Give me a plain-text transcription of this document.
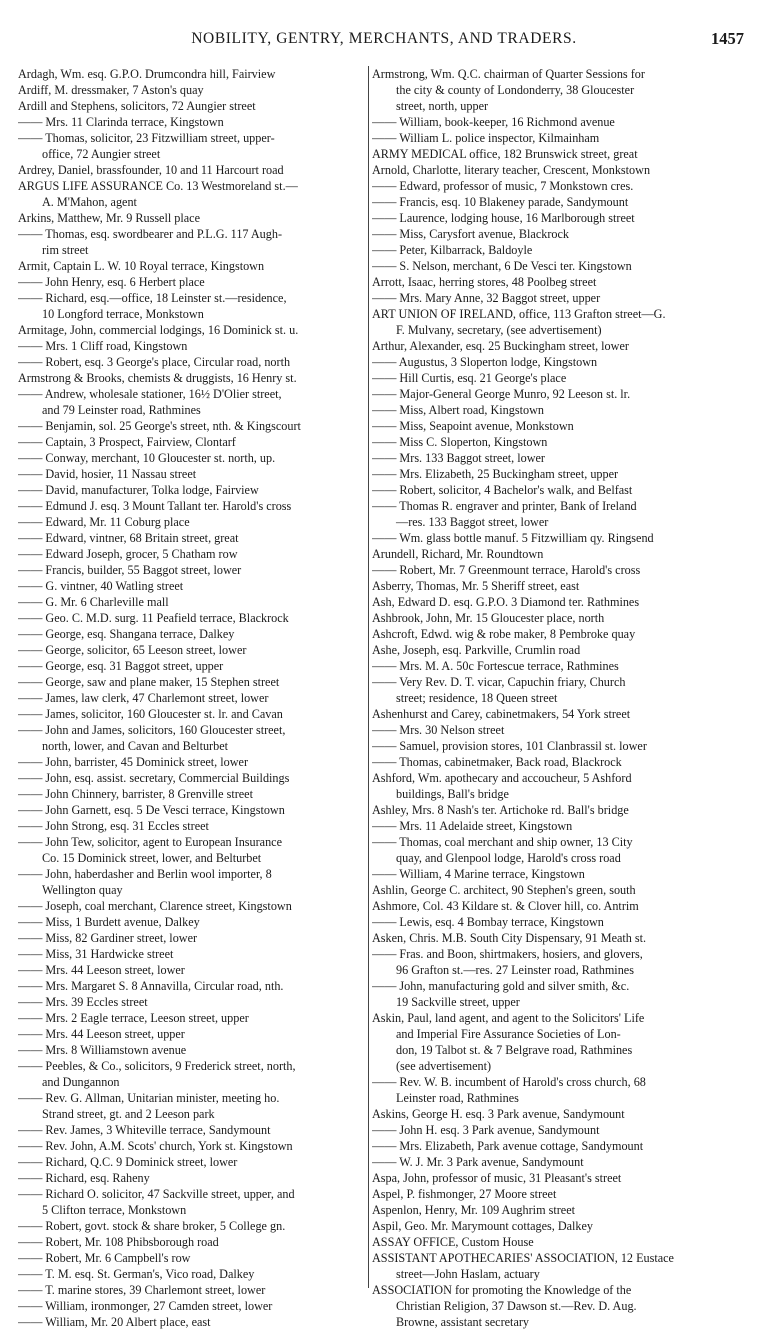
NOBILITY, GENTRY, MERCHANTS, AND TRADERS.	1457
Ardagh, Wm. esq. G.P.O. Drumcondra hill, Fairview
Ardiff, M. dressmaker, 7 Aston's quay
Ardill and Stephens, solicitors, 72 Aungier street
—— Mrs. 11 Clarinda terrace, Kingstown
—— Thomas, solicitor, 23 Fitzwilliam street, upper-
office, 72 Aungier street
Ardrey, Daniel, brassfounder, 10 and 11 Harcourt road
ARGUS LIFE ASSURANCE Co. 13 Westmoreland st.—
A. M'Mahon, agent
Arkins, Matthew, Mr. 9 Russell place
—— Thomas, esq. swordbearer and P.L.G. 117 Augh-
rim street
Armit, Captain L. W. 10 Royal terrace, Kingstown
—— John Henry, esq. 6 Herbert place
—— Richard, esq.—office, 18 Leinster st.—residence,
10 Longford terrace, Monkstown
Armitage, John, commercial lodgings, 16 Dominick st. u.
—— Mrs. 1 Cliff road, Kingstown
—— Robert, esq. 3 George's place, Circular road, north
Armstrong & Brooks, chemists & druggists, 16 Henry st.
—— Andrew, wholesale stationer, 16½ D'Olier street,
and 79 Leinster road, Rathmines
—— Benjamin, sol. 25 George's street, nth. & Kingscourt
—— Captain, 3 Prospect, Fairview, Clontarf
—— Conway, merchant, 10 Gloucester st. north, up.
—— David, hosier, 11 Nassau street
—— David, manufacturer, Tolka lodge, Fairview
—— Edmund J. esq. 3 Mount Tallant ter. Harold's cross
—— Edward, Mr. 11 Coburg place
—— Edward, vintner, 68 Britain street, great
—— Edward Joseph, grocer, 5 Chatham row
—— Francis, builder, 55 Baggot street, lower
—— G. vintner, 40 Watling street
—— G. Mr. 6 Charleville mall
—— Geo. C. M.D. surg. 11 Peafield terrace, Blackrock
—— George, esq. Shangana terrace, Dalkey
—— George, solicitor, 65 Leeson street, lower
—— George, esq. 31 Baggot street, upper
—— George, saw and plane maker, 15 Stephen street
—— James, law clerk, 47 Charlemont street, lower
—— James, solicitor, 160 Gloucester st. lr. and Cavan
—— John and James, solicitors, 160 Gloucester street,
north, lower, and Cavan and Belturbet
—— John, barrister, 45 Dominick street, lower
—— John, esq. assist. secretary, Commercial Buildings
—— John Chinnery, barrister, 8 Grenville street
—— John Garnett, esq. 5 De Vesci terrace, Kingstown
—— John Strong, esq. 31 Eccles street
—— John Tew, solicitor, agent to European Insurance
Co. 15 Dominick street, lower, and Belturbet
—— John, haberdasher and Berlin wool importer, 8
Wellington quay
—— Joseph, coal merchant, Clarence street, Kingstown
—— Miss, 1 Burdett avenue, Dalkey
—— Miss, 82 Gardiner street, lower
—— Miss, 31 Hardwicke street
—— Mrs. 44 Leeson street, lower
—— Mrs. Margaret S. 8 Annavilla, Circular road, nth.
—— Mrs. 39 Eccles street
—— Mrs. 2 Eagle terrace, Leeson street, upper
—— Mrs. 44 Leeson street, upper
—— Mrs. 8 Williamstown avenue
—— Peebles, & Co., solicitors, 9 Frederick street, north,
and Dungannon
—— Rev. G. Allman, Unitarian minister, meeting ho.
Strand street, gt. and 2 Leeson park
—— Rev. James, 3 Whiteville terrace, Sandymount
—— Rev. John, A.M. Scots' church, York st. Kingstown
—— Richard, Q.C. 9 Dominick street, lower
—— Richard, esq. Raheny
—— Richard O. solicitor, 47 Sackville street, upper, and
5 Clifton terrace, Monkstown
—— Robert, govt. stock & share broker, 5 College gn.
—— Robert, Mr. 108 Phibsborough road
—— Robert, Mr. 6 Campbell's row
—— T. M. esq. St. German's, Vico road, Dalkey
—— T. marine stores, 39 Charlemont street, lower
—— William, ironmonger, 27 Camden street, lower
—— William, Mr. 20 Albert place, east
Armstrong, Wm. Q.C. chairman of Quarter Sessions for
the city & county of Londonderry, 38 Gloucester
street, north, upper
—— William, book-keeper, 16 Richmond avenue
—— William L. police inspector, Kilmainham
ARMY MEDICAL office, 182 Brunswick street, great
Arnold, Charlotte, literary teacher, Crescent, Monkstown
—— Edward, professor of music, 7 Monkstown cres.
—— Francis, esq. 10 Blakeney parade, Sandymount
—— Laurence, lodging house, 16 Marlborough street
—— Miss, Carysfort avenue, Blackrock
—— Peter, Kilbarrack, Baldoyle
—— S. Nelson, merchant, 6 De Vesci ter. Kingstown
Arrott, Isaac, herring stores, 48 Poolbeg street
—— Mrs. Mary Anne, 32 Baggot street, upper
ART UNION OF IRELAND, office, 113 Grafton street—G.
F. Mulvany, secretary, (see advertisement)
Arthur, Alexander, esq. 25 Buckingham street, lower
—— Augustus, 3 Sloperton lodge, Kingstown
—— Hill Curtis, esq. 21 George's place
—— Major-General George Munro, 92 Leeson st. lr.
—— Miss, Albert road, Kingstown
—— Miss, Seapoint avenue, Monkstown
—— Miss C. Sloperton, Kingstown
—— Mrs. 133 Baggot street, lower
—— Mrs. Elizabeth, 25 Buckingham street, upper
—— Robert, solicitor, 4 Bachelor's walk, and Belfast
—— Thomas R. engraver and printer, Bank of Ireland
—res. 133 Baggot street, lower
—— Wm. glass bottle manuf. 5 Fitzwilliam qy. Ringsend
Arundell, Richard, Mr. Roundtown
—— Robert, Mr. 7 Greenmount terrace, Harold's cross
Asberry, Thomas, Mr. 5 Sheriff street, east
Ash, Edward D. esq. G.P.O. 3 Diamond ter. Rathmines
Ashbrook, John, Mr. 15 Gloucester place, north
Ashcroft, Edwd. wig & robe maker, 8 Pembroke quay
Ashe, Joseph, esq. Parkville, Crumlin road
—— Mrs. M. A. 50c Fortescue terrace, Rathmines
—— Very Rev. D. T. vicar, Capuchin friary, Church
street; residence, 18 Queen street
Ashenhurst and Carey, cabinetmakers, 54 York street
—— Mrs. 30 Nelson street
—— Samuel, provision stores, 101 Clanbrassil st. lower
—— Thomas, cabinetmaker, Back road, Blackrock
Ashford, Wm. apothecary and accoucheur, 5 Ashford
buildings, Ball's bridge
Ashley, Mrs. 8 Nash's ter. Artichoke rd. Ball's bridge
—— Mrs. 11 Adelaide street, Kingstown
—— Thomas, coal merchant and ship owner, 13 City
quay, and Glenpool lodge, Harold's cross road
—— William, 4 Marine terrace, Kingstown
Ashlin, George C. architect, 90 Stephen's green, south
Ashmore, Col. 43 Kildare st. & Clover hill, co. Antrim
—— Lewis, esq. 4 Bombay terrace, Kingstown
Asken, Chris. M.B. South City Dispensary, 91 Meath st.
—— Fras. and Boon, shirtmakers, hosiers, and glovers,
96 Grafton st.—res. 27 Leinster road, Rathmines
—— John, manufacturing gold and silver smith, &c.
19 Sackville street, upper
Askin, Paul, land agent, and agent to the Solicitors' Life
and Imperial Fire Assurance Societies of Lon-
don, 19 Talbot st. & 7 Belgrave road, Rathmines
(see advertisement)
—— Rev. W. B. incumbent of Harold's cross church, 68
Leinster road, Rathmines
Askins, George H. esq. 3 Park avenue, Sandymount
—— John H. esq. 3 Park avenue, Sandymount
—— Mrs. Elizabeth, Park avenue cottage, Sandymount
—— W. J. Mr. 3 Park avenue, Sandymount
Aspa, John, professor of music, 31 Pleasant's street
Aspel, P. fishmonger, 27 Moore street
Aspenlon, Henry, Mr. 109 Aughrim street
Aspil, Geo. Mr. Marymount cottages, Dalkey
ASSAY OFFICE, Custom House
ASSISTANT APOTHECARIES' ASSOCIATION, 12 Eustace
street—John Haslam, actuary
ASSOCIATION for promoting the Knowledge of the
Christian Religion, 37 Dawson st.—Rev. D. Aug.
Browne, assistant secretary
